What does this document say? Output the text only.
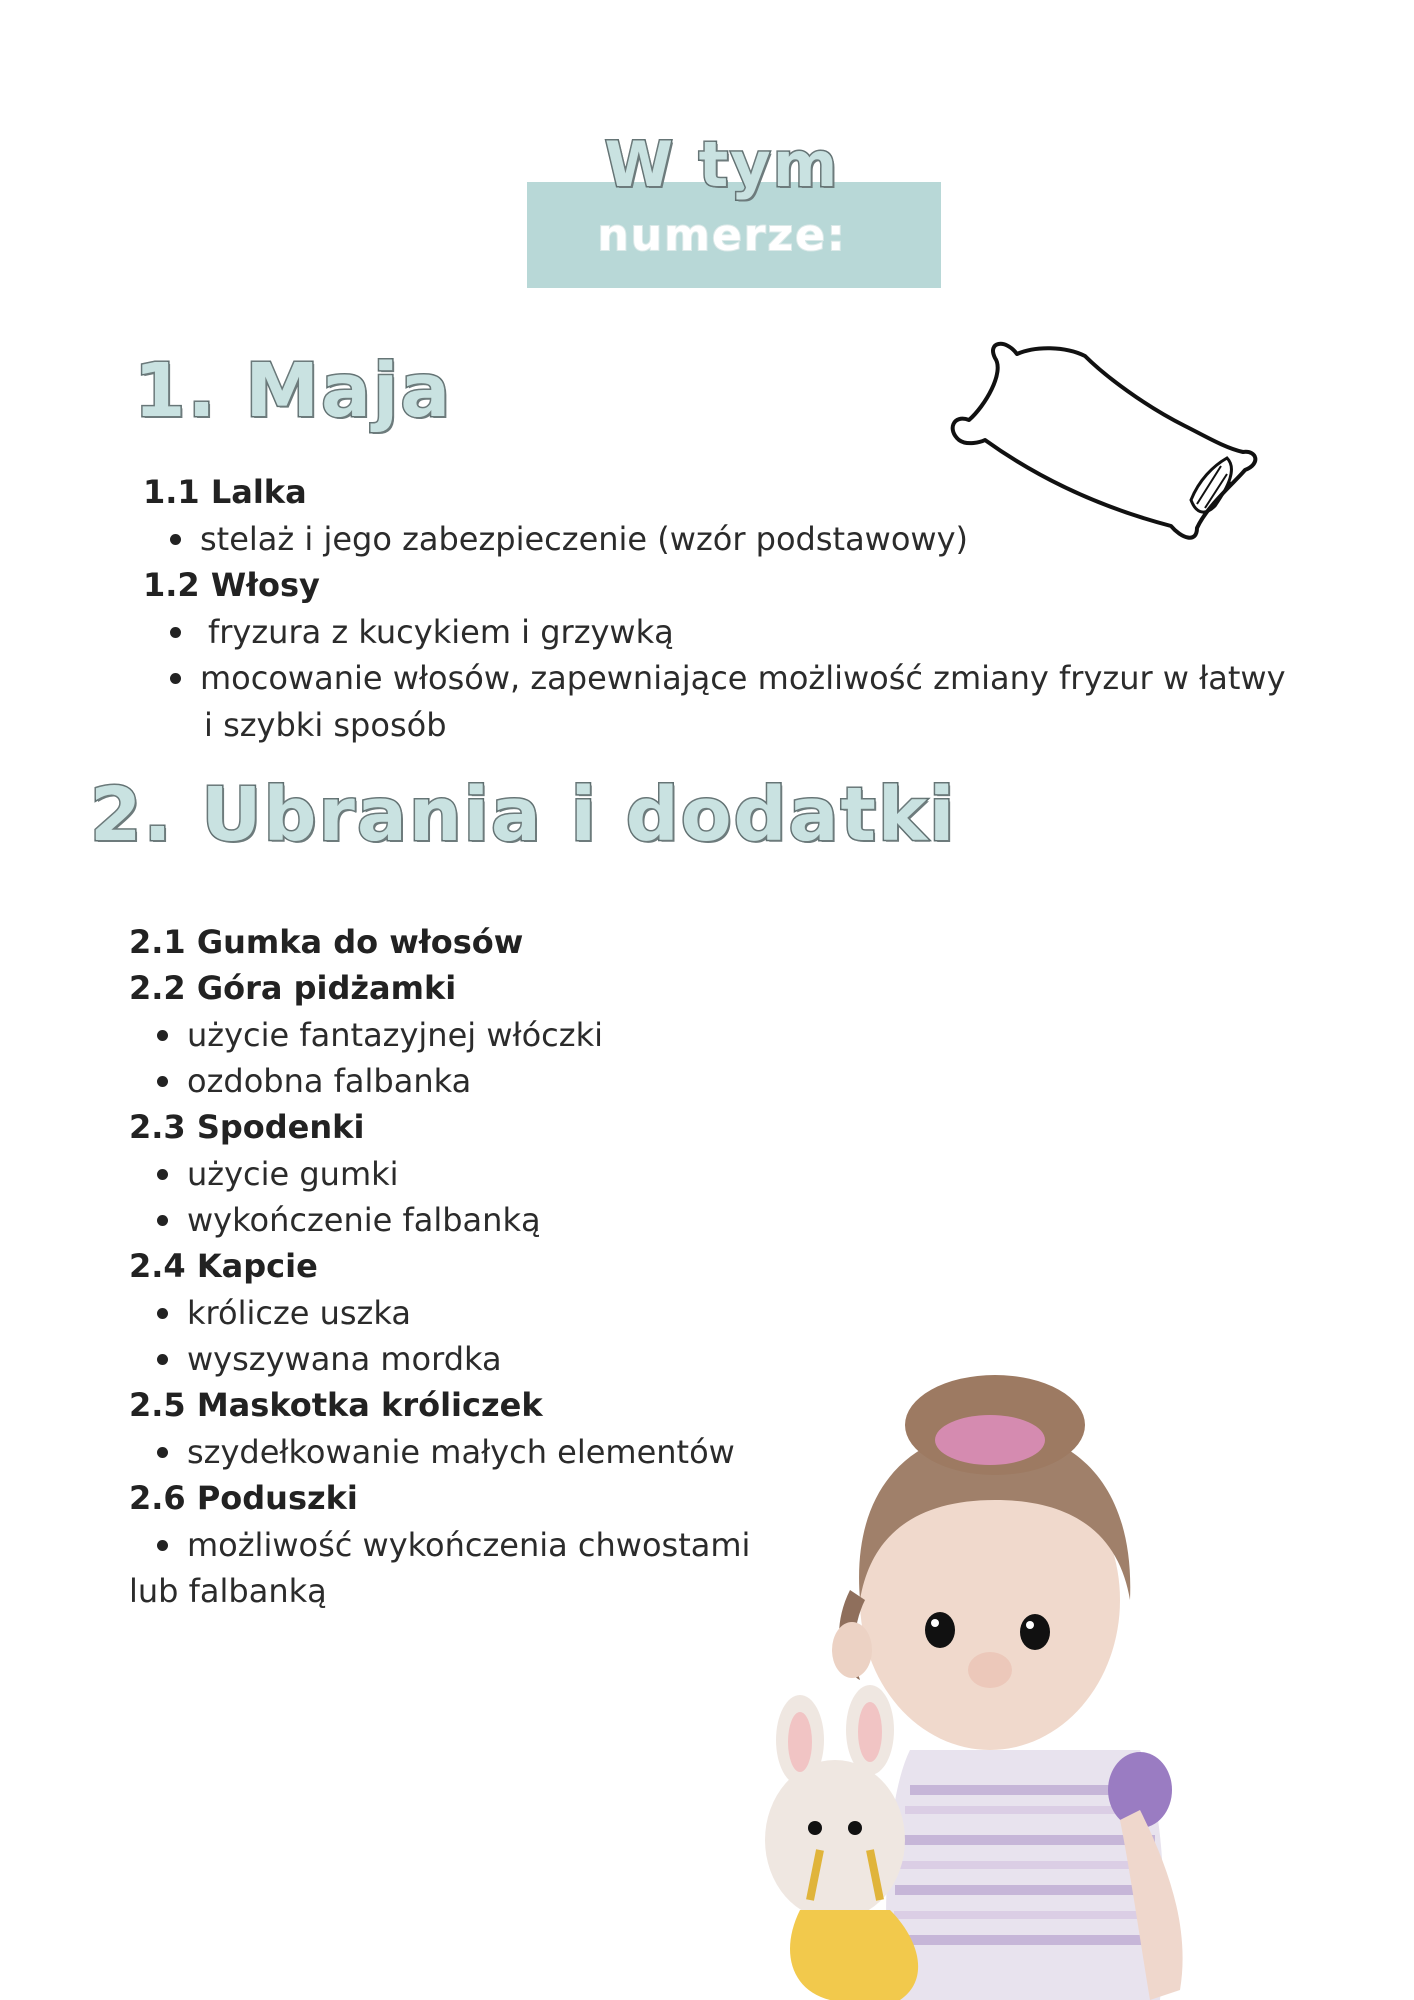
W tym
numerze:
1. Maja
1.1 Lalka
stelaż i jego zabezpieczenie (wzór podstawowy)
1.2 Włosy
fryzura z kucykiem i grzywką
mocowanie włosów, zapewniające możliwość zmiany fryzur w łatwy
i szybki sposób
2. Ubrania i dodatki
2.1 Gumka do włosów
2.2 Góra pidżamki
użycie fantazyjnej włóczki
ozdobna falbanka
2.3 Spodenki
użycie gumki
wykończenie falbanką
2.4 Kapcie
królicze uszka
wyszywana mordka
2.5 Maskotka króliczek
szydełkowanie małych elementów
2.6 Poduszki
możliwość wykończenia chwostami
lub falbanką
